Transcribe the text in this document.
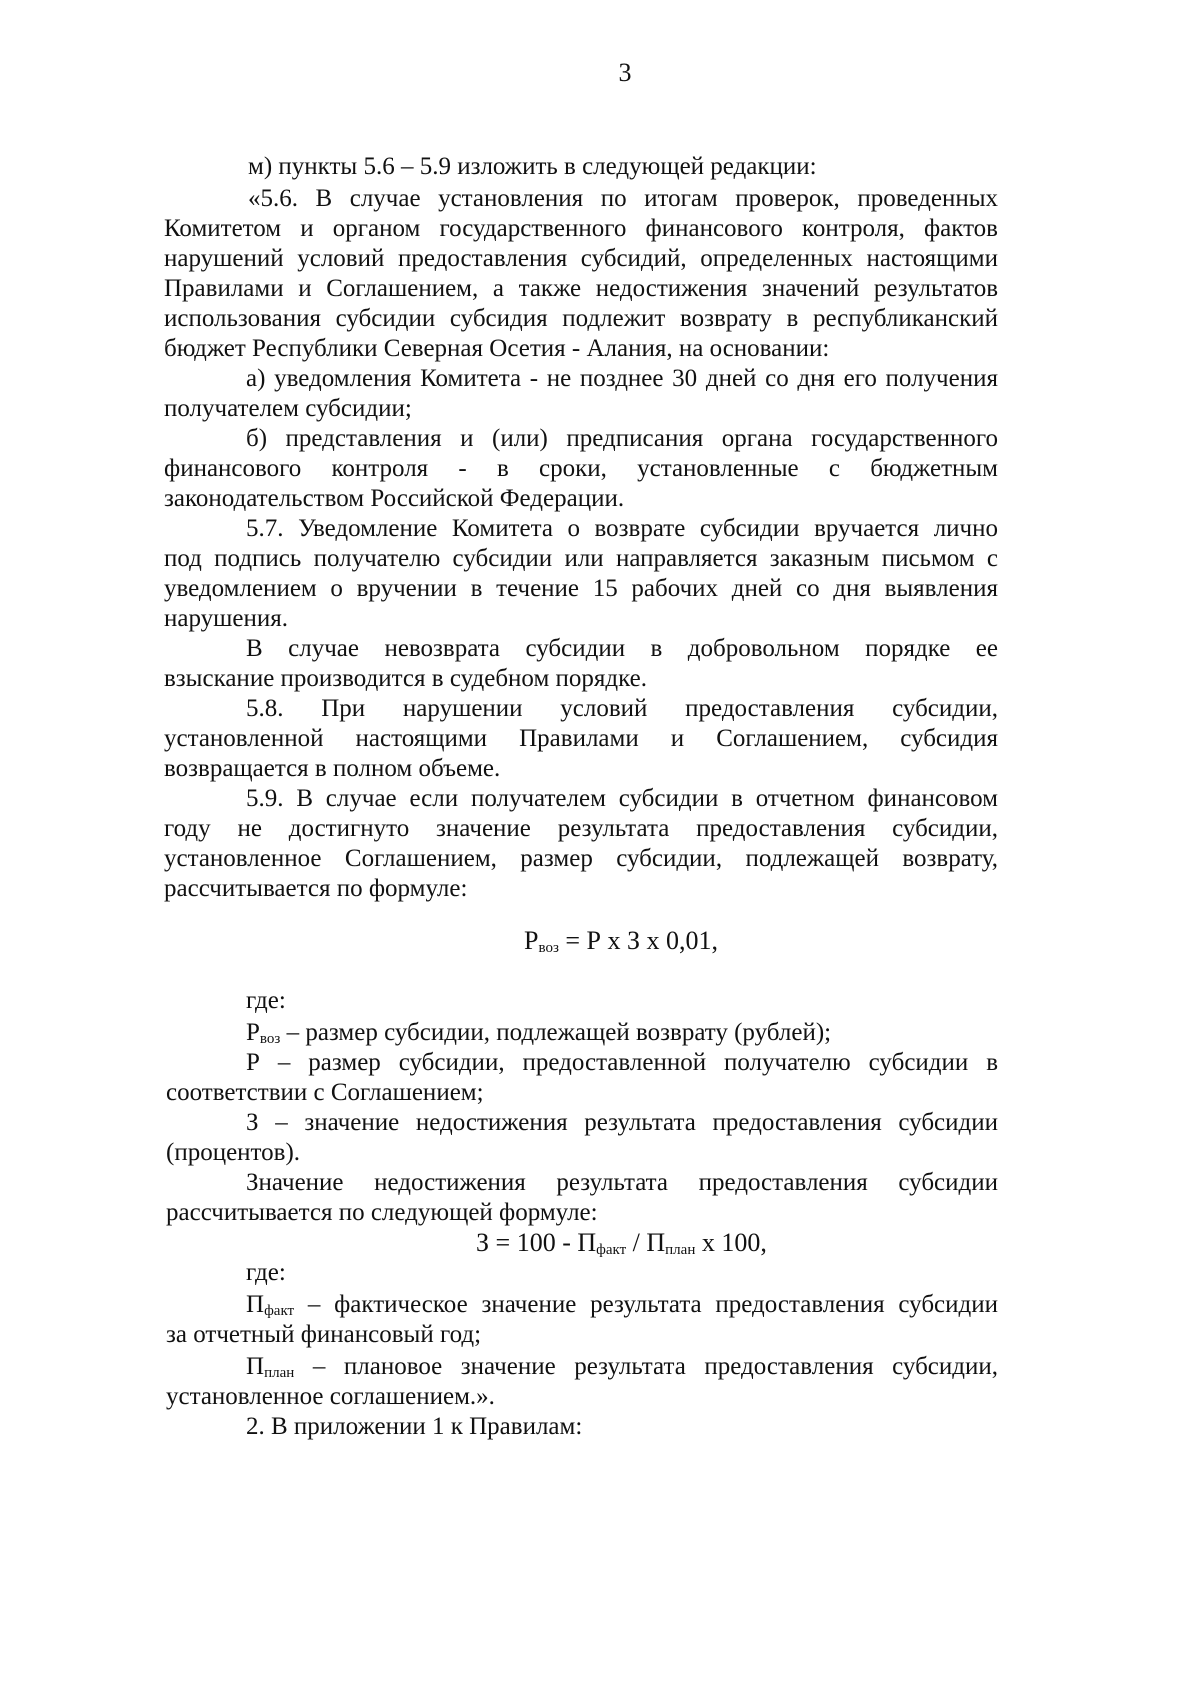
3
м) пункты 5.6 – 5.9 изложить в следующей редакции:
«5.6. В случае установления по итогам проверок, проведенных
Комитетом и органом государственного финансового контроля, фактов
нарушений условий предоставления субсидий, определенных настоящими
Правилами и Соглашением, а также недостижения значений результатов
использования субсидии субсидия подлежит возврату в республиканский
бюджет Республики Северная Осетия - Алания, на основании:
а) уведомления Комитета - не позднее 30 дней со дня его получения
получателем субсидии;
б) представления и (или) предписания органа государственного
финансового контроля - в сроки, установленные с бюджетным
законодательством Российской Федерации.
5.7. Уведомление Комитета о возврате субсидии вручается лично
под подпись получателю субсидии или направляется заказным письмом с
уведомлением о вручении в течение 15 рабочих дней со дня выявления
нарушения.
В случае невозврата субсидии в добровольном порядке ее
взыскание производится в судебном порядке.
5.8. При нарушении условий предоставления субсидии,
установленной настоящими Правилами и Соглашением, субсидия
возвращается в полном объеме.
5.9. В случае если получателем субсидии в отчетном финансовом
году не достигнуто значение результата предоставления субсидии,
установленное Соглашением, размер субсидии, подлежащей возврату,
рассчитывается по формуле:
$Р_{воз} = Р$ х З х 0,01,
где:
$Р_{воз}$ – размер субсидии, подлежащей возврату (рублей);
Р – размер субсидии, предоставленной получателю субсидии в
соответствии с Соглашением;
З – значение недостижения результата предоставления субсидии
(процентов).
Значение недостижения результата предоставления субсидии
рассчитывается по следующей формуле:
$З = 100 - П_{факт} / П_{план}$ х 100,
где:
$П_{факт}$ – фактическое значение результата предоставления субсидии
за отчетный финансовый год;
$П_{план}$ – плановое значение результата предоставления субсидии,
установленное соглашением.».
2. В приложении 1 к Правилам:
